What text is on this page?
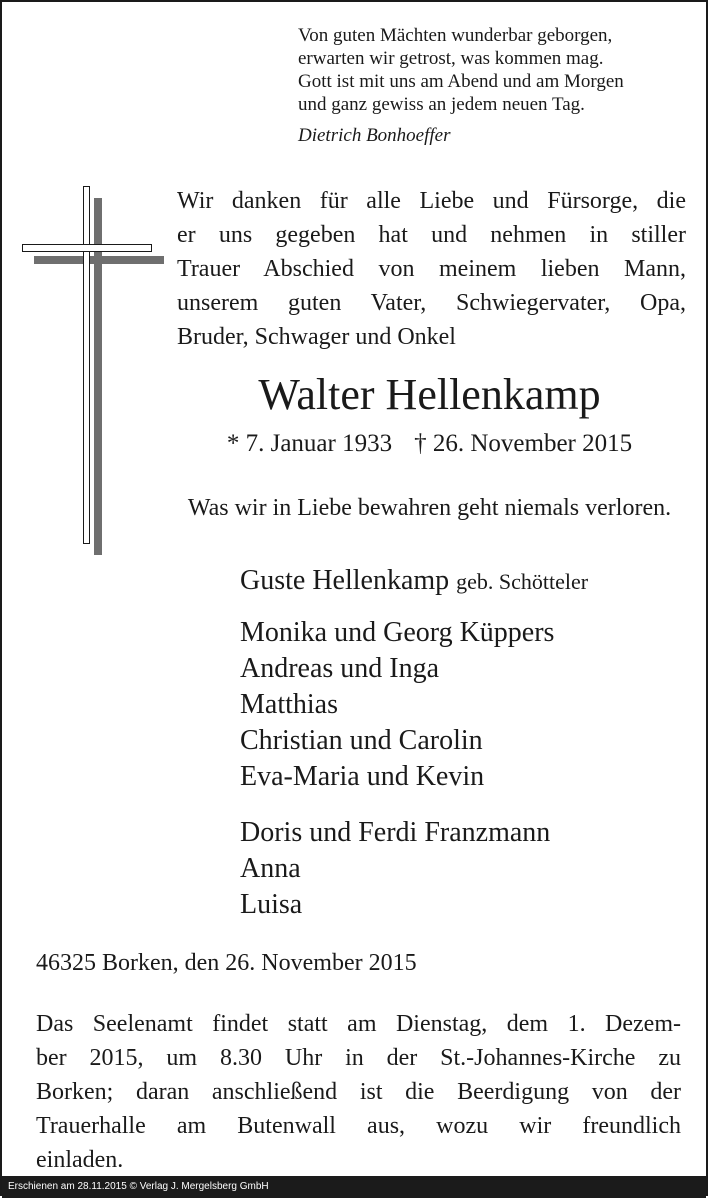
Von guten Mächten wunderbar geborgen,
erwarten wir getrost, was kommen mag.
Gott ist mit uns am Abend und am Morgen
und ganz gewiss an jedem neuen Tag.
Dietrich Bonhoeffer
Wir danken für alle Liebe und Fürsorge, die
er uns gegeben hat und nehmen in stiller
Trauer Abschied von meinem lieben Mann,
unserem guten Vater, Schwiegervater, Opa,
Bruder, Schwager und Onkel
Walter Hellenkamp
* 7. Januar 1933 † 26. November 2015
Was wir in Liebe bewahren geht niemals verloren.
Guste Hellenkamp geb. Schötteler
Monika und Georg Küppers
Andreas und Inga
Matthias
Christian und Carolin
Eva-Maria und Kevin
Doris und Ferdi Franzmann
Anna
Luisa
46325 Borken, den 26. November 2015
Das Seelenamt findet statt am Dienstag, dem 1. Dezem-
ber 2015, um 8.30 Uhr in der St.-Johannes-Kirche zu
Borken; daran anschließend ist die Beerdigung von der
Trauerhalle am Butenwall aus, wozu wir freundlich
einladen.
Erschienen am 28.11.2015 © Verlag J. Mergelsberg GmbH
